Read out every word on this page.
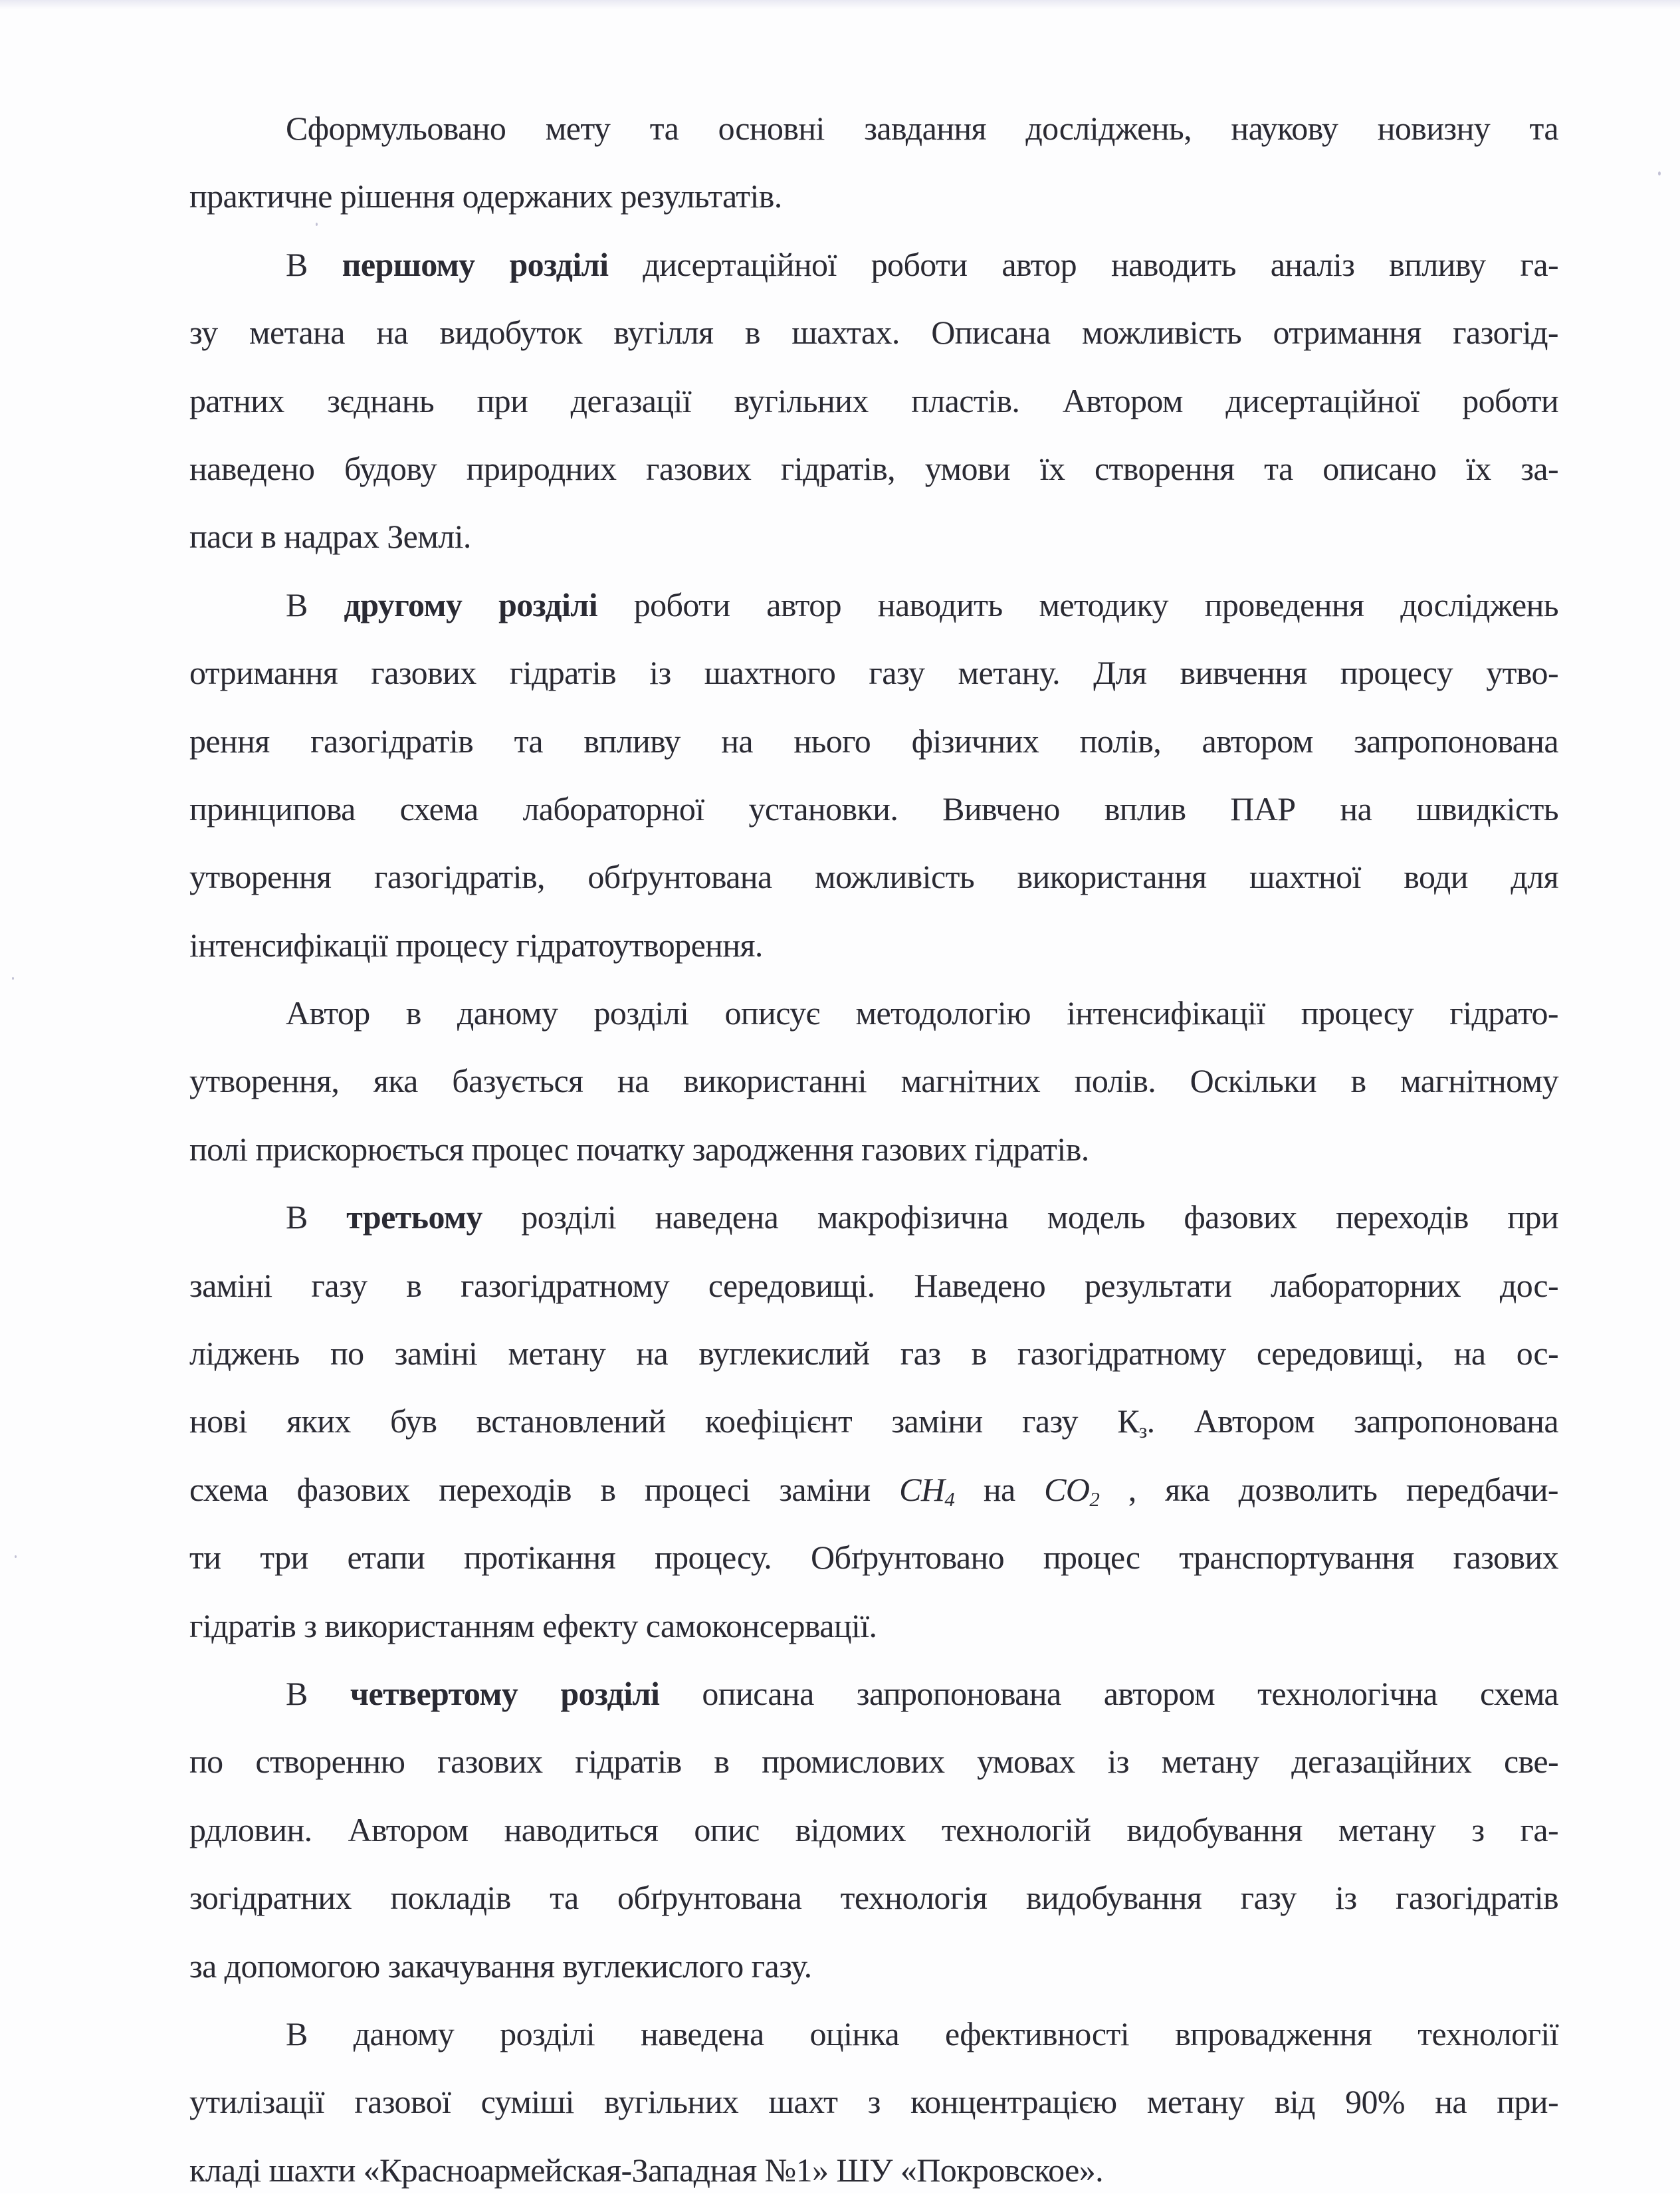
Сформульовано мету та основні завдання досліджень, наукову новизну та
практичне рішення одержаних результатів.
В першому розділі дисертаційної роботи автор наводить аналіз впливу га-
зу метана на видобуток вугілля в шахтах. Описана можливість отримання газогід-
ратних зєднань при дегазації вугільних пластів. Автором дисертаційної роботи
наведено будову природних газових гідратів, умови їх створення та описано їх за-
паси в надрах Землі.
В другому розділі роботи автор наводить методику проведення досліджень
отримання газових гідратів із шахтного газу метану. Для вивчення процесу утво-
рення газогідратів та впливу на нього фізичних полів, автором запропонована
принципова схема лабораторної установки. Вивчено вплив ПАР на швидкість
утворення газогідратів, обґрунтована можливість використання шахтної води для
інтенсифікації процесу гідратоутворення.
Автор в даному розділі описує методологію інтенсифікації процесу гідрато-
утворення, яка базується на використанні магнітних полів. Оскільки в магнітному
полі прискорюється процес початку зародження газових гідратів.
В третьому розділі наведена макрофізична модель фазових переходів при
заміні газу в газогідратному середовищі. Наведено результати лабораторних дос-
ліджень по заміні метану на вуглекислий газ в газогідратному середовищі, на ос-
нові яких був встановлений коефіцієнт заміни газу $К_з$. Автором запропонована
схема фазових переходів в процесі заміни $CH_4$ на $CO_2$ , яка дозволить передбачи-
ти три етапи протікання процесу. Обґрунтовано процес транспортування газових
гідратів з використанням ефекту самоконсервації.
В четвертому розділі описана запропонована автором технологічна схема
по створенню газових гідратів в промислових умовах із метану дегазаційних све-
рдловин. Автором наводиться опис відомих технологій видобування метану з га-
зогідратних покладів та обґрунтована технологія видобування газу із газогідратів
за допомогою закачування вуглекислого газу.
В даному розділі наведена оцінка ефективності впровадження технології
утилізації газової суміші вугільних шахт з концентрацією метану від 90% на при-
кладі шахти «Красноармейская-Западная №1» ШУ «Покровское».
